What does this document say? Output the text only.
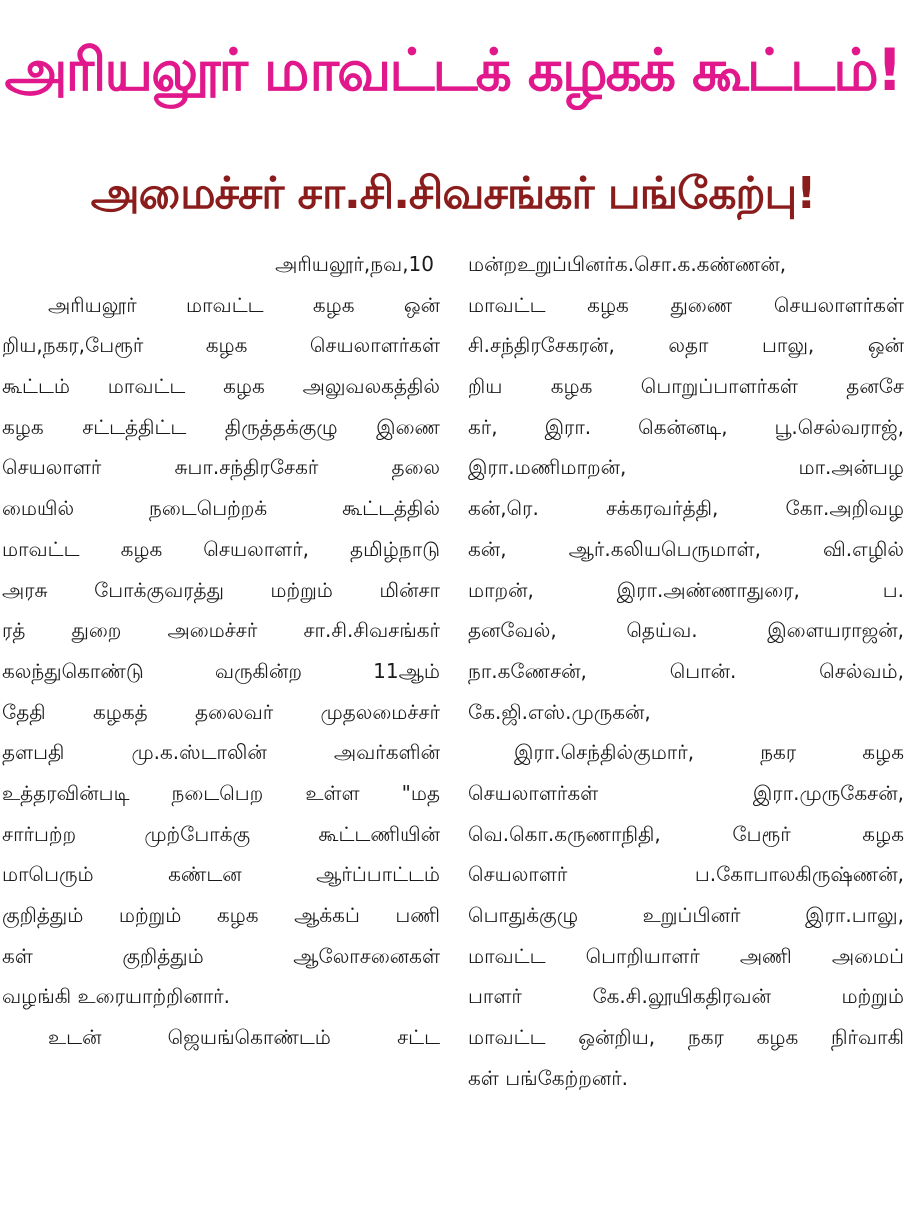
அரியலூர் மாவட்டக் கழகக் கூட்டம்!
அமைச்சர் சா.சி.சிவசங்கர் பங்கேற்பு!
அரியலூர்,நவ,10
அரியலூர் மாவட்ட கழக ஒன்
றிய,நகர,பேரூர் கழக செயலாளர்கள்
கூட்டம் மாவட்ட கழக அலுவலகத்தில்
கழக சட்டத்திட்ட திருத்தக்குழு இணை
செயலாளர் சுபா.சந்திரசேகர் தலை
மையில் நடைபெற்றக் கூட்டத்தில்
மாவட்ட கழக செயலாளர், தமிழ்நாடு
அரசு போக்குவரத்து மற்றும் மின்சா
ரத் துறை அமைச்சர் சா.சி.சிவசங்கர்
கலந்துகொண்டு வருகின்ற 11ஆம்
தேதி கழகத் தலைவர் முதலமைச்சர்
தளபதி மு.க.ஸ்டாலின் அவர்களின்
உத்தரவின்படி நடைபெற உள்ள "மத
சார்பற்ற முற்போக்கு கூட்டணியின்
மாபெரும் கண்டன ஆர்ப்பாட்டம்
குறித்தும் மற்றும் கழக ஆக்கப் பணி
கள் குறித்தும் ஆலோசனைகள்
வழங்கி உரையாற்றினார்.
உடன் ஜெயங்கொண்டம் சட்ட
மன்றஉறுப்பினர்க.சொ.க.கண்ணன்,
மாவட்ட கழக துணை செயலாளர்கள்
சி.சந்திரசேகரன், லதா பாலு, ஒன்
றிய கழக பொறுப்பாளர்கள் தனசே
கர், இரா. கென்னடி, பூ.செல்வராஜ்,
இரா.மணிமாறன், மா.அன்பழ
கன்,ரெ. சக்கரவர்த்தி, கோ.அறிவழ
கன், ஆர்.கலியபெருமாள், வி.எழில்
மாறன், இரா.அண்ணாதுரை, ப.
தனவேல், தெய்வ. இளையராஜன்,
நா.கணேசன், பொன். செல்வம்,
கே.ஜி.எஸ்.முருகன்,
இரா.செந்தில்குமார், நகர கழக
செயலாளர்கள் இரா.முருகேசன்,
வெ.கொ.கருணாநிதி, பேரூர் கழக
செயலாளர் ப.கோபாலகிருஷ்ணன்,
பொதுக்குழு உறுப்பினர் இரா.பாலு,
மாவட்ட பொறியாளர் அணி அமைப்
பாளர் கே.சி.லூயிகதிரவன் மற்றும்
மாவட்ட ஒன்றிய, நகர கழக நிர்வாகி
கள் பங்கேற்றனர்.
